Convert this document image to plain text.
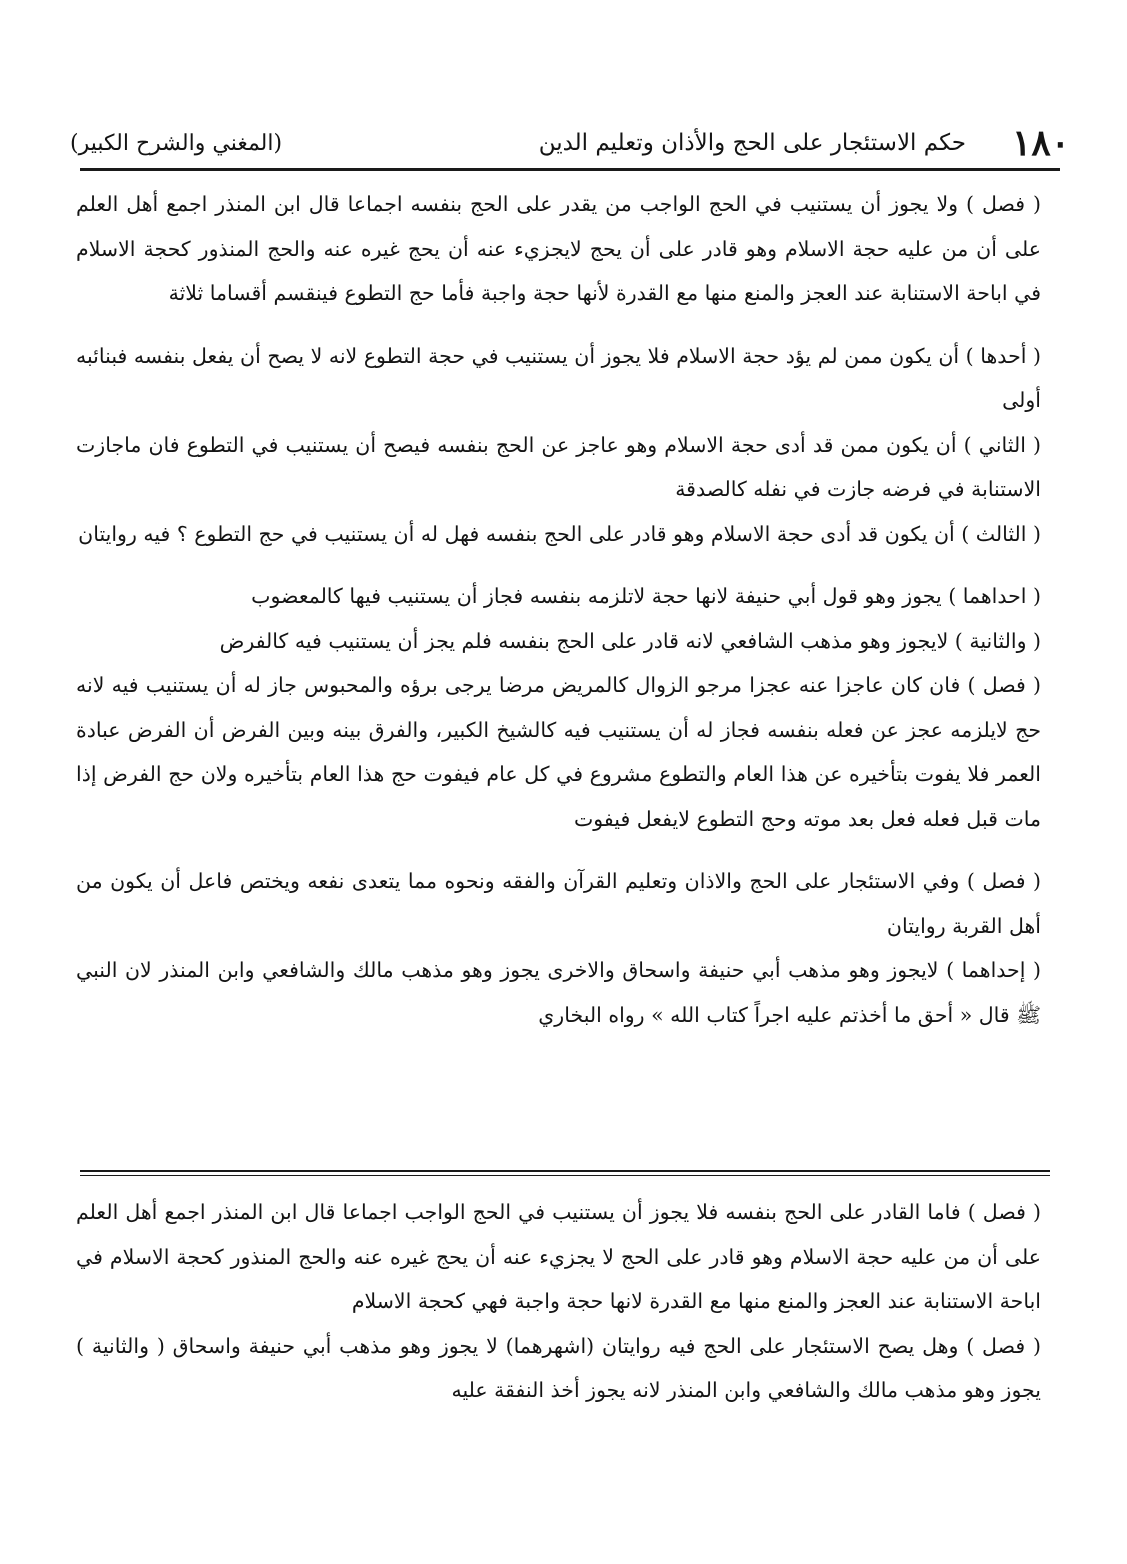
١٨٠
حكم الاستئجار على الحج والأذان وتعليم الدين
(المغني والشرح الكبير)

( فصل ) ولا يجوز أن يستنيب في الحج الواجب من يقدر على الحج بنفسه اجماعا قال ابن المنذر اجمع أهل العلم على أن من عليه حجة الاسلام وهو قادر على أن يحج لايجزيء عنه أن يحج غيره عنه والحج المنذور كحجة الاسلام في اباحة الاستنابة عند العجز والمنع منها مع القدرة لأنها حجة واجبة فأما حج التطوع فينقسم أقساما ثلاثة

( أحدها ) أن يكون ممن لم يؤد حجة الاسلام فلا يجوز أن يستنيب في حجة التطوع لانه لا يصح أن يفعل بنفسه فبنائبه أولى

( الثاني ) أن يكون ممن قد أدى حجة الاسلام وهو عاجز عن الحج بنفسه فيصح أن يستنيب في التطوع فان ماجازت الاستنابة في فرضه جازت في نفله كالصدقة

( الثالث ) أن يكون قد أدى حجة الاسلام وهو قادر على الحج بنفسه فهل له أن يستنيب في حج التطوع ؟ فيه روايتان

( احداهما ) يجوز وهو قول أبي حنيفة لانها حجة لاتلزمه بنفسه فجاز أن يستنيب فيها كالمعضوب

( والثانية ) لايجوز وهو مذهب الشافعي لانه قادر على الحج بنفسه فلم يجز أن يستنيب فيه كالفرض

( فصل ) فان كان عاجزا عنه عجزا مرجو الزوال كالمريض مرضا يرجى برؤه والمحبوس جاز له أن يستنيب فيه لانه حج لايلزمه عجز عن فعله بنفسه فجاز له أن يستنيب فيه كالشيخ الكبير، والفرق بينه وبين الفرض أن الفرض عبادة العمر فلا يفوت بتأخيره عن هذا العام والتطوع مشروع في كل عام فيفوت حج هذا العام بتأخيره ولان حج الفرض إذا مات قبل فعله فعل بعد موته وحج التطوع لايفعل فيفوت

( فصل ) وفي الاستئجار على الحج والاذان وتعليم القرآن والفقه ونحوه مما يتعدى نفعه ويختص فاعل أن يكون من أهل القربة روايتان

( إحداهما ) لايجوز وهو مذهب أبي حنيفة واسحاق والاخرى يجوز وهو مذهب مالك والشافعي وابن المنذر لان النبي ﷺ قال « أحق ما أخذتم عليه اجراً كتاب الله » رواه البخاري

( فصل ) فاما القادر على الحج بنفسه فلا يجوز أن يستنيب في الحج الواجب اجماعا قال ابن المنذر اجمع أهل العلم على أن من عليه حجة الاسلام وهو قادر على الحج لا يجزيء عنه أن يحج غيره عنه والحج المنذور كحجة الاسلام في اباحة الاستنابة عند العجز والمنع منها مع القدرة لانها حجة واجبة فهي كحجة الاسلام

( فصل ) وهل يصح الاستئجار على الحج فيه روايتان (اشهرهما) لا يجوز وهو مذهب أبي حنيفة واسحاق ( والثانية ) يجوز وهو مذهب مالك والشافعي وابن المنذر لانه يجوز أخذ النفقة عليه
